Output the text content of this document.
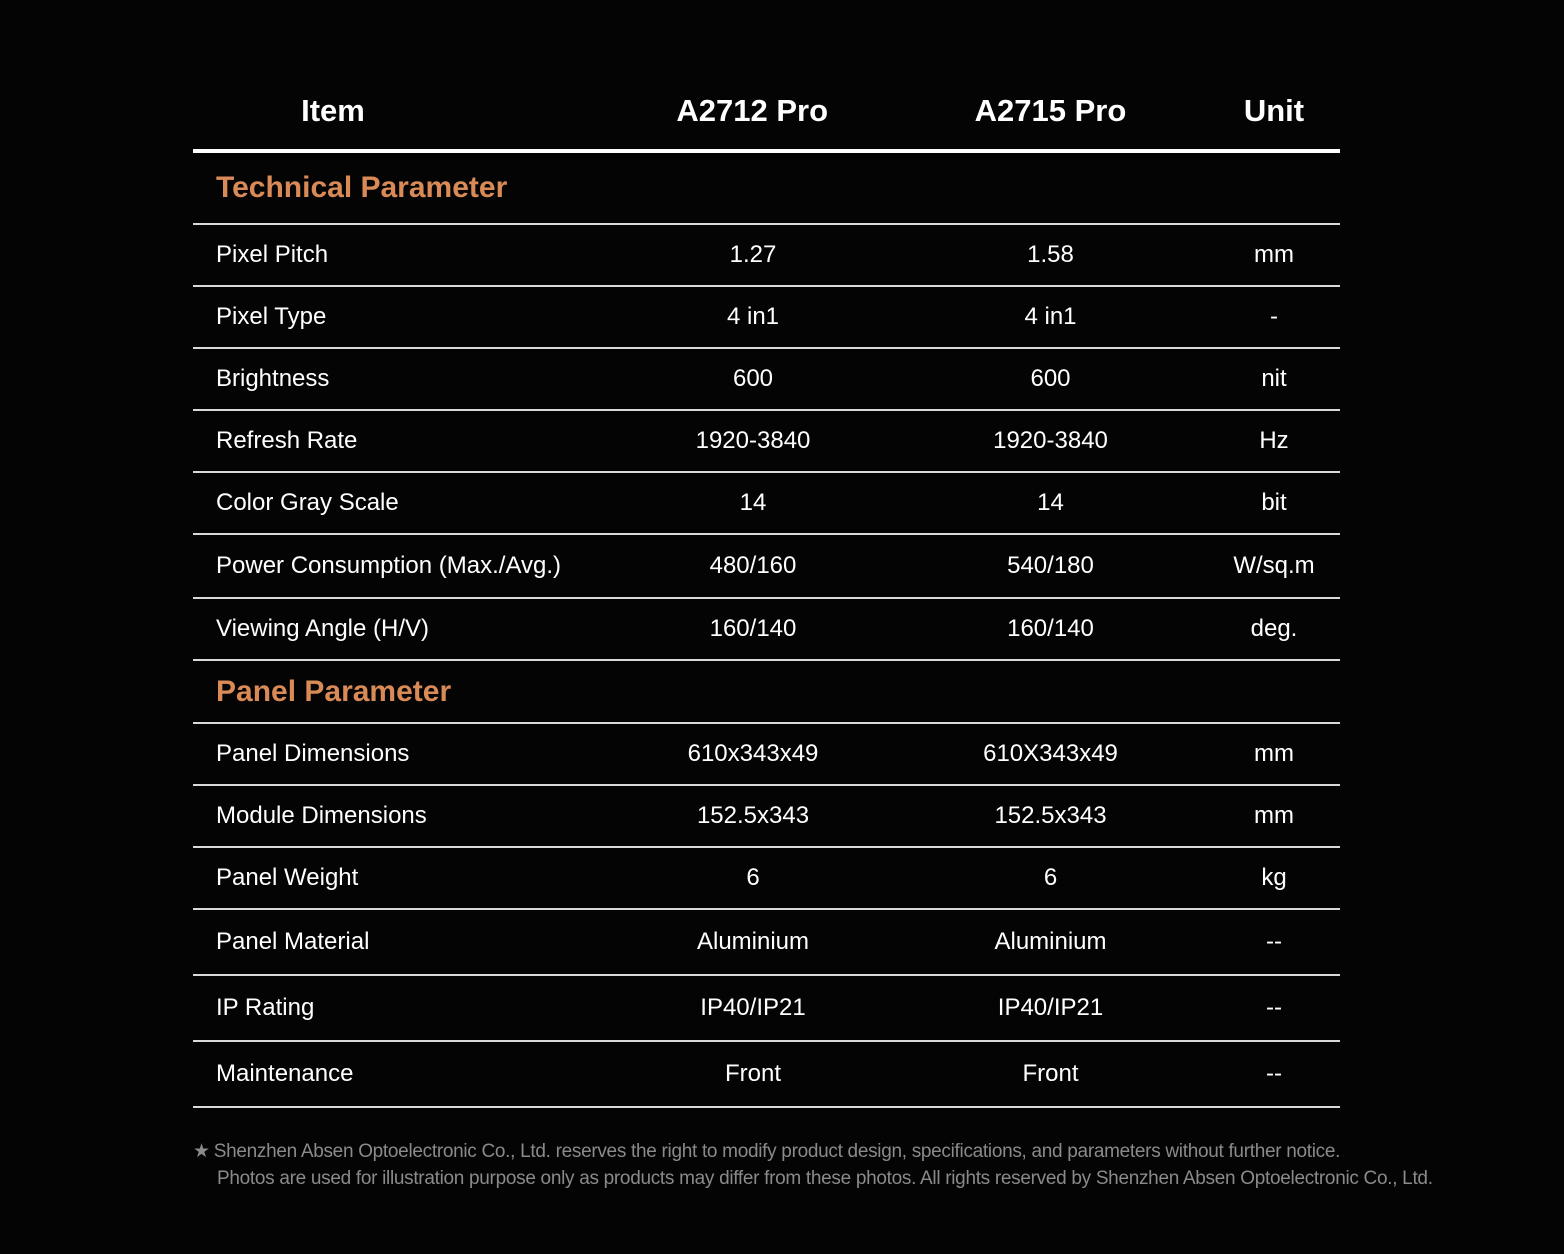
Item	A2712 Pro	A2715 Pro	Unit
Technical Parameter
Pixel Pitch	1.27	1.58	mm
Pixel Type	4 in1	4 in1	-
Brightness	600	600	nit
Refresh Rate	1920-3840	1920-3840	Hz
Color Gray Scale	14	14	bit
Power Consumption (Max./Avg.)	480/160	540/180	W/sq.m
Viewing Angle (H/V)	160/140	160/140	deg.
Panel Parameter
Panel Dimensions	610x343x49	610X343x49	mm
Module Dimensions	152.5x343	152.5x343	mm
Panel Weight	6	6	kg
Panel Material	Aluminium	Aluminium	--
IP Rating	IP40/IP21	IP40/IP21	--
Maintenance	Front	Front	--
★ Shenzhen Absen Optoelectronic Co., Ltd. reserves the right to modify product design, specifications, and parameters without further notice.
Photos are used for illustration purpose only as products may differ from these photos. All rights reserved by Shenzhen Absen Optoelectronic Co., Ltd.
